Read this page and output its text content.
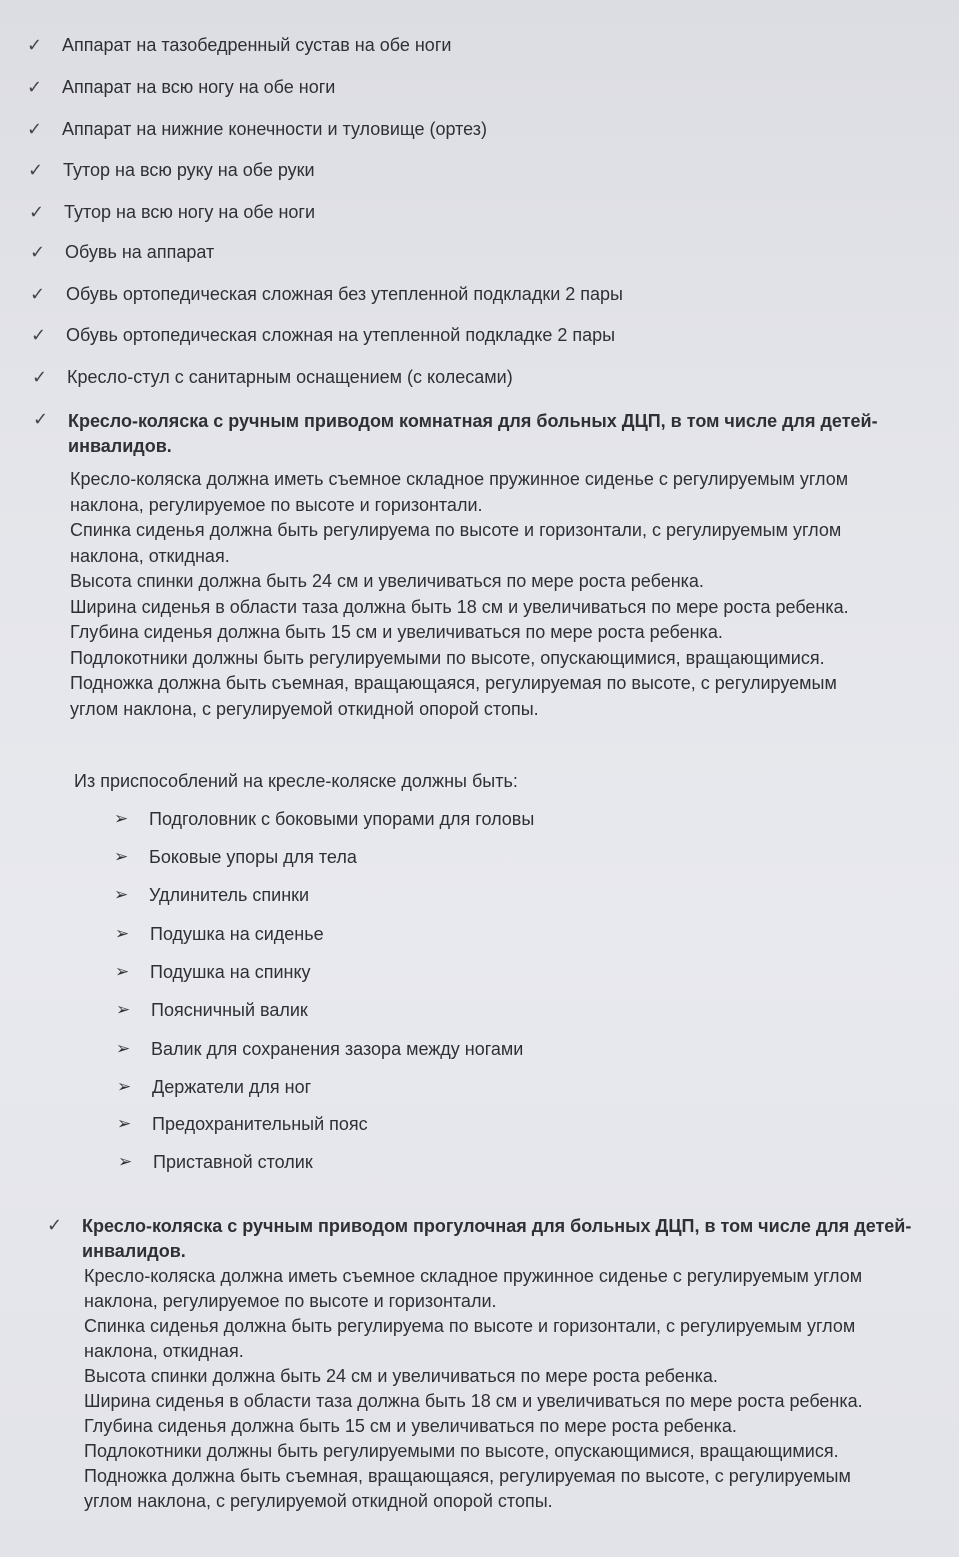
✓ Аппарат на тазобедренный сустав на обе ноги
✓ Аппарат на всю ногу на обе ноги
✓ Аппарат на нижние конечности и туловище (ортез)
✓ Тутор на всю руку на обе руки
✓ Тутор на всю ногу на обе ноги
✓ Обувь на аппарат
✓ Обувь ортопедическая сложная без утепленной подкладки 2 пары
✓ Обувь ортопедическая сложная на утепленной подкладке 2 пары
✓ Кресло-стул с санитарным оснащением (с колесами)
✓ Кресло-коляска с ручным приводом комнатная для больных ДЦП, в том числе для детей-
инвалидов.
Кресло-коляска должна иметь съемное складное пружинное сиденье с регулируемым углом
наклона, регулируемое по высоте и горизонтали.
Спинка сиденья должна быть регулируема по высоте и горизонтали, с регулируемым углом
наклона, откидная.
Высота спинки должна быть 24 см и увеличиваться по мере роста ребенка.
Ширина сиденья в области таза должна быть 18 см и увеличиваться по мере роста ребенка.
Глубина сиденья должна быть 15 см и увеличиваться по мере роста ребенка.
Подлокотники должны быть регулируемыми по высоте, опускающимися, вращающимися.
Подножка должна быть съемная, вращающаяся, регулируемая по высоте, с регулируемым
углом наклона, с регулируемой откидной опорой стопы.
Из приспособлений на кресле-коляске должны быть:
➢ Подголовник с боковыми упорами для головы
➢ Боковые упоры для тела
➢ Удлинитель спинки
➢ Подушка на сиденье
➢ Подушка на спинку
➢ Поясничный валик
➢ Валик для сохранения зазора между ногами
➢ Держатели для ног
➢ Предохранительный пояс
➢ Приставной столик
✓ Кресло-коляска с ручным приводом прогулочная для больных ДЦП, в том числе для детей-
инвалидов.
Кресло-коляска должна иметь съемное складное пружинное сиденье с регулируемым углом
наклона, регулируемое по высоте и горизонтали.
Спинка сиденья должна быть регулируема по высоте и горизонтали, с регулируемым углом
наклона, откидная.
Высота спинки должна быть 24 см и увеличиваться по мере роста ребенка.
Ширина сиденья в области таза должна быть 18 см и увеличиваться по мере роста ребенка.
Глубина сиденья должна быть 15 см и увеличиваться по мере роста ребенка.
Подлокотники должны быть регулируемыми по высоте, опускающимися, вращающимися.
Подножка должна быть съемная, вращающаяся, регулируемая по высоте, с регулируемым
углом наклона, с регулируемой откидной опорой стопы.
